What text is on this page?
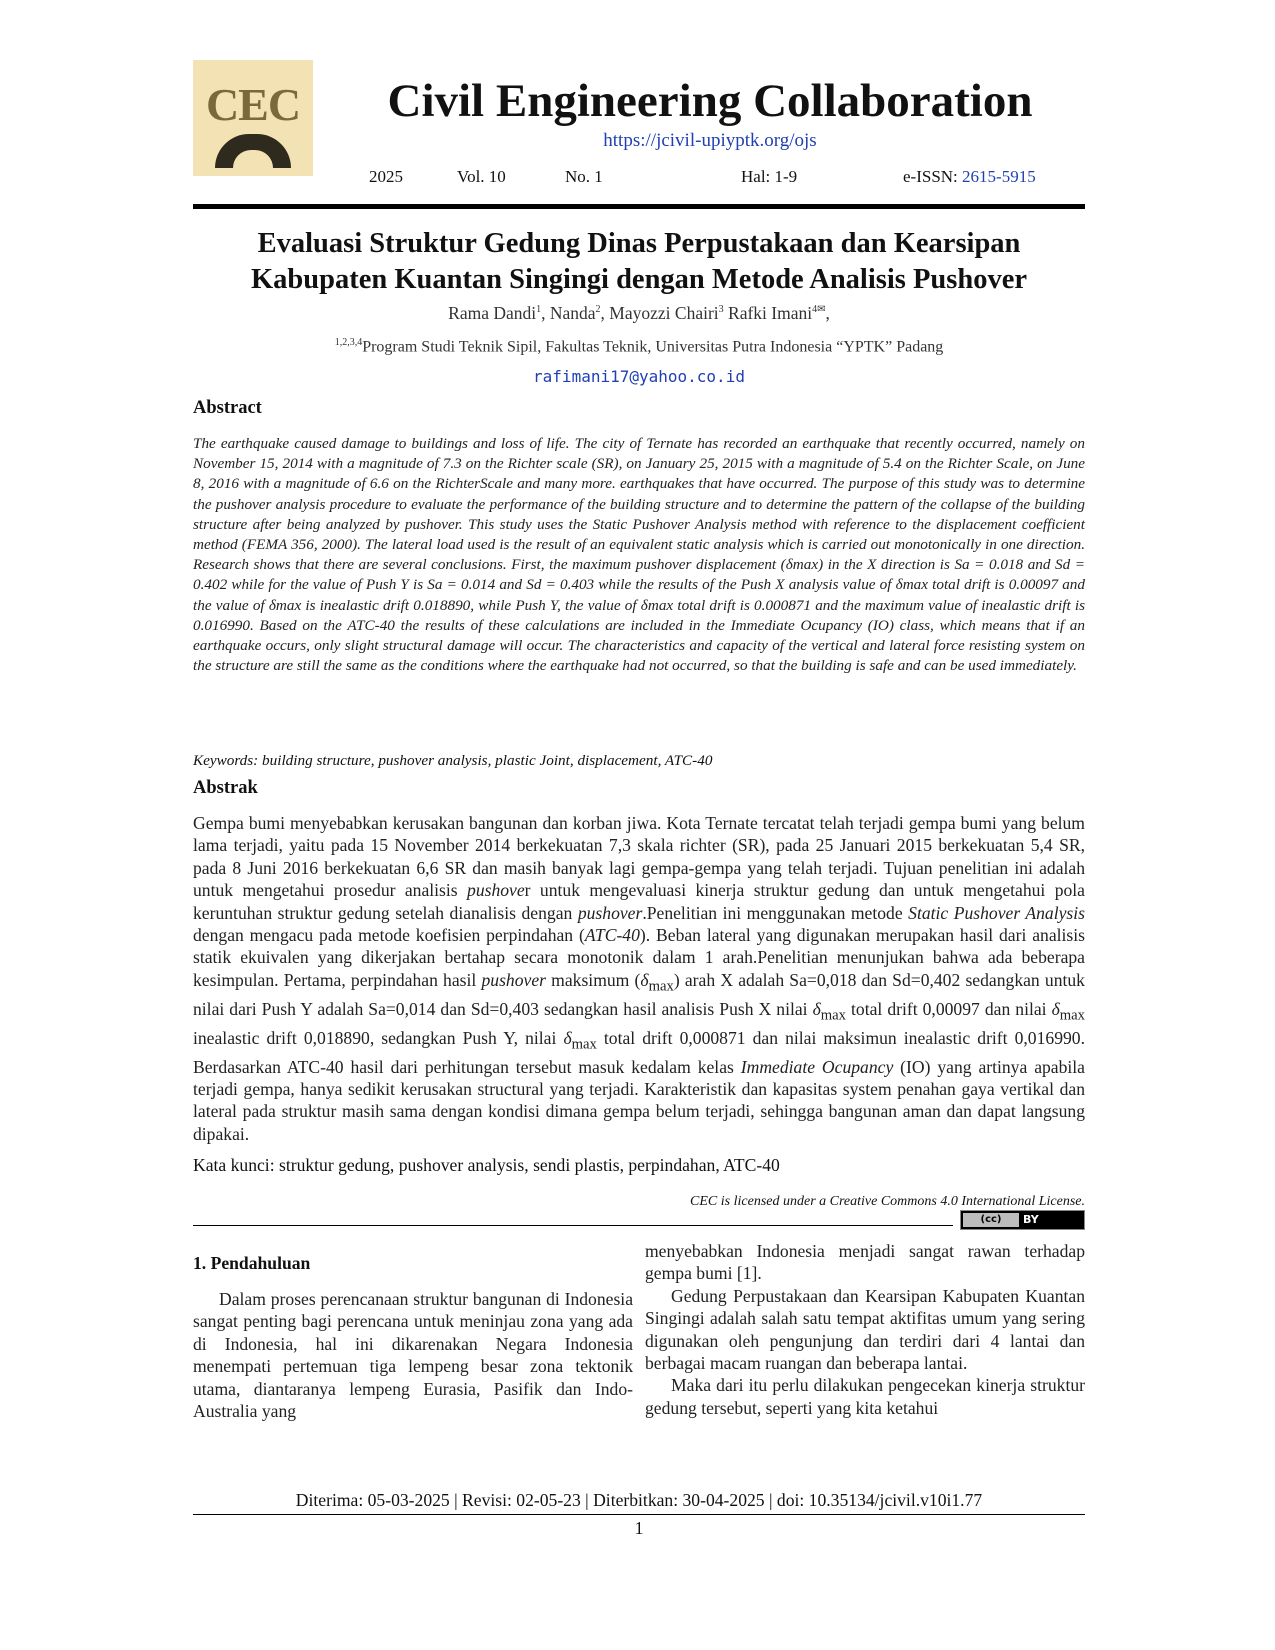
CEC	Civil Engineering Collaboration
https://jcivil-upiyptk.org/ojs
2025	Vol. 10	No. 1	Hal: 1-9	e-ISSN: 2615-5915
Evaluasi Struktur Gedung Dinas Perpustakaan dan Kearsipan
Kabupaten Kuantan Singingi dengan Metode Analisis Pushover
Rama Dandi$^1$, Nanda$^2$, Mayozzi Chairi$^3$ Rafki Imani$^{4✉}$,
$^{1,2,3,4}$Program Studi Teknik Sipil, Fakultas Teknik, Universitas Putra Indonesia “YPTK” Padang
rafimani17@yahoo.co.id
Abstract
The earthquake caused damage to buildings and loss of life. The city of Ternate has recorded an earthquake that recently occurred, namely on November 15, 2014 with a magnitude of 7.3 on the Richter scale (SR), on January 25, 2015 with a magnitude of 5.4 on the Richter Scale, on June 8, 2016 with a magnitude of 6.6 on the RichterScale and many more. earthquakes that have occurred. The purpose of this study was to determine the pushover analysis procedure to evaluate the performance of the building structure and to determine the pattern of the collapse of the building structure after being analyzed by pushover. This study uses the Static Pushover Analysis method with reference to the displacement coefficient method (FEMA 356, 2000). The lateral load used is the result of an equivalent static analysis which is carried out monotonically in one direction. Research shows that there are several conclusions. First, the maximum pushover displacement (δmax) in the X direction is Sa = 0.018 and Sd = 0.402 while for the value of Push Y is Sa = 0.014 and Sd = 0.403 while the results of the Push X analysis value of δmax total drift is 0.00097 and the value of δmax is inealastic drift 0.018890, while Push Y, the value of δmax total drift is 0.000871 and the maximum value of inealastic drift is 0.016990. Based on the ATC-40 the results of these calculations are included in the Immediate Ocupancy (IO) class, which means that if an earthquake occurs, only slight structural damage will occur. The characteristics and capacity of the vertical and lateral force resisting system on the structure are still the same as the conditions where the earthquake had not occurred, so that the building is safe and can be used immediately.
Keywords: building structure, pushover analysis, plastic Joint, displacement, ATC-40
Abstrak
Gempa bumi menyebabkan kerusakan bangunan dan korban jiwa. Kota Ternate tercatat telah terjadi gempa bumi yang belum lama terjadi, yaitu pada 15 November 2014 berkekuatan 7,3 skala richter (SR), pada 25 Januari 2015 berkekuatan 5,4 SR, pada 8 Juni 2016 berkekuatan 6,6 SR dan masih banyak lagi gempa-gempa yang telah terjadi. Tujuan penelitian ini adalah untuk mengetahui prosedur analisis pushover untuk mengevaluasi kinerja struktur gedung dan untuk mengetahui pola keruntuhan struktur gedung setelah dianalisis dengan pushover.Penelitian ini menggunakan metode Static Pushover Analysis dengan mengacu pada metode koefisien perpindahan (ATC-40). Beban lateral yang digunakan merupakan hasil dari analisis statik ekuivalen yang dikerjakan bertahap secara monotonik dalam 1 arah.Penelitian menunjukan bahwa ada beberapa kesimpulan. Pertama, perpindahan hasil pushover maksimum $(\delta_{max})$ arah X adalah Sa=0,018 dan Sd=0,402 sedangkan untuk nilai dari Push Y adalah Sa=0,014 dan Sd=0,403 sedangkan hasil analisis Push X nilai $\delta_{max}$ total drift 0,00097 dan nilai $\delta_{max}$ inealastic drift 0,018890, sedangkan Push Y, nilai $\delta_{max}$ total drift 0,000871 dan nilai maksimun inealastic drift 0,016990. Berdasarkan ATC-40 hasil dari perhitungan tersebut masuk kedalam kelas Immediate Ocupancy (IO) yang artinya apabila terjadi gempa, hanya sedikit kerusakan structural yang terjadi. Karakteristik dan kapasitas system penahan gaya vertikal dan lateral pada struktur masih sama dengan kondisi dimana gempa belum terjadi, sehingga bangunan aman dan dapat langsung dipakai.
Kata kunci: struktur gedung, pushover analysis, sendi plastis, perpindahan, ATC-40
CEC is licensed under a Creative Commons 4.0 International License.
(cc)	BY
1. Pendahuluan

Dalam proses perencanaan struktur bangunan di Indonesia sangat penting bagi perencana untuk meninjau zona yang ada di Indonesia, hal ini dikarenakan Negara Indonesia menempati pertemuan tiga lempeng besar zona tektonik utama, diantaranya lempeng Eurasia, Pasifik dan Indo-Australia yang

menyebabkan Indonesia menjadi sangat rawan terhadap gempa bumi [1].

Gedung Perpustakaan dan Kearsipan Kabupaten Kuantan Singingi adalah salah satu tempat aktifitas umum yang sering digunakan oleh pengunjung dan terdiri dari 4 lantai dan berbagai macam ruangan dan beberapa lantai.

Maka dari itu perlu dilakukan pengecekan kinerja struktur gedung tersebut, seperti yang kita ketahui

Diterima: 05-03-2025 | Revisi: 02-05-23 | Diterbitkan: 30-04-2025 | doi: 10.35134/jcivil.v10i1.77
1
